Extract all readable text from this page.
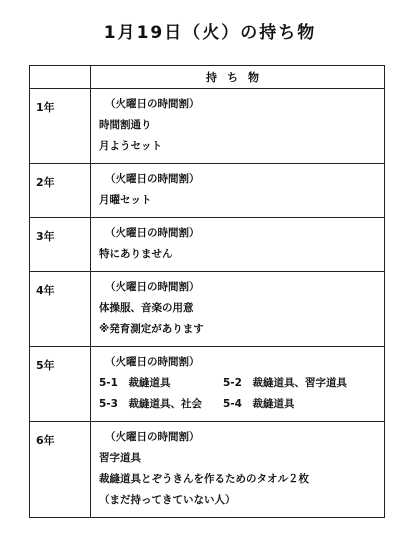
1月19日（火）の持ち物
	持ち物
1年	（火曜日の時間割）
時間割通り
月ようセット

2年	（火曜日の時間割）
月曜セット

3年	（火曜日の時間割）
特にありません

4年	（火曜日の時間割）
体操服、音楽の用意
※発育測定があります

5年	（火曜日の時間割）
5-1　裁縫道具 5-2　裁縫道具、習字道具
5-3　裁縫道具、社会 5-4　裁縫道具

6年	（火曜日の時間割）
習字道具
裁縫道具とぞうきんを作るためのタオル２枚
（まだ持ってきていない人）
